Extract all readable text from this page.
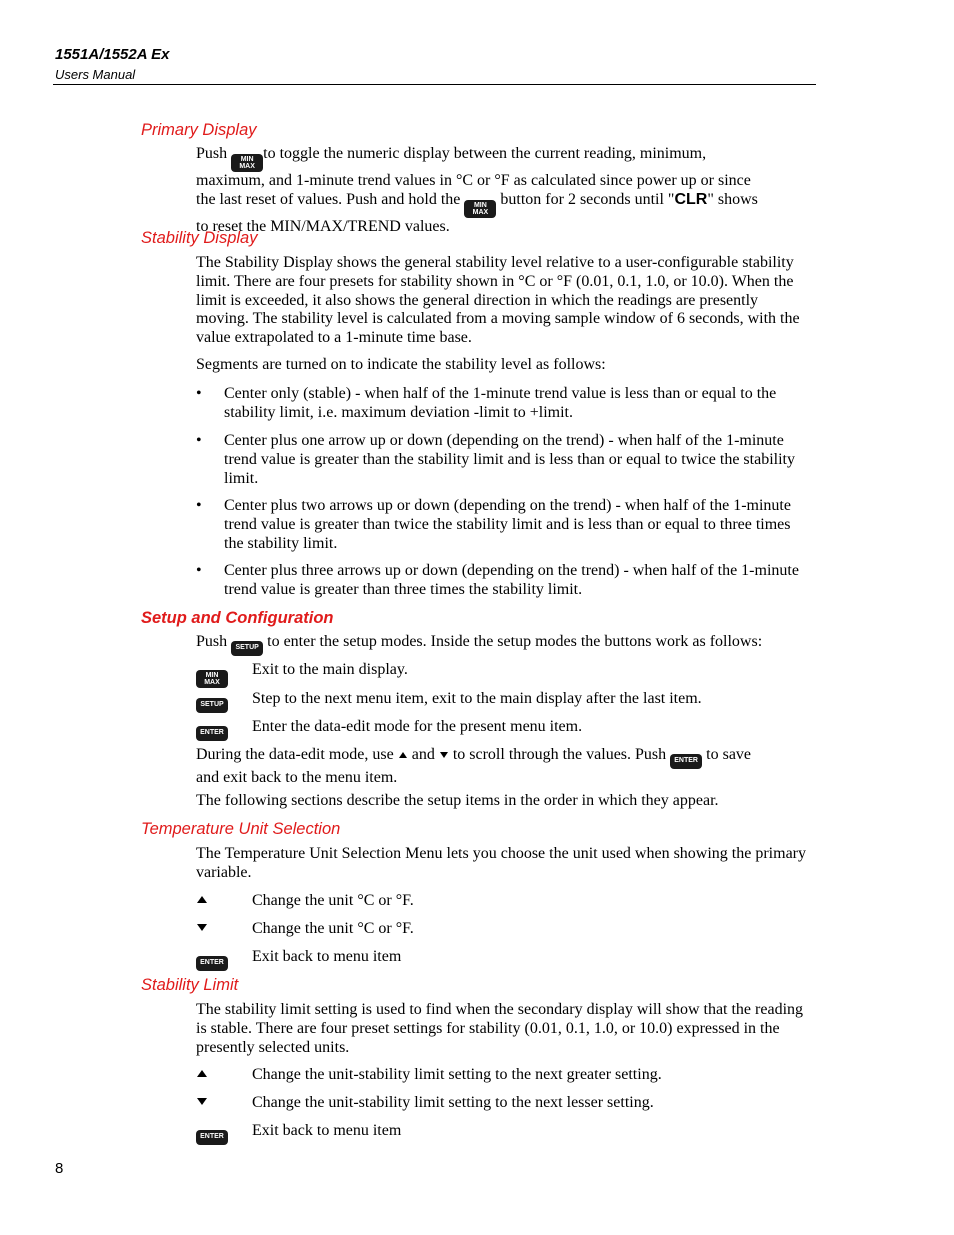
1551A/1552A Ex
Users Manual
Primary Display
Push MIN
MAX
to toggle the numeric display between the current reading, minimum,
maximum, and 1-minute trend values in °C or °F as calculated since power up or since
the last reset of values. Push and hold the MIN
MAX
button for 2 seconds until "CLR" shows
to reset the MIN/MAX/TREND values.
Stability Display
The Stability Display shows the general stability level relative to a user-configurable stability limit. There are four presets for stability shown in °C or °F (0.01, 0.1, 1.0, or 10.0). When the limit is exceeded, it also shows the general direction in which the readings are presently moving. The stability level is calculated from a moving sample window of 6 seconds, with the value extrapolated to a 1-minute time base.
Segments are turned on to indicate the stability level as follows:
• Center only (stable) - when half of the 1-minute trend value is less than or equal to the stability limit, i.e. maximum deviation -limit to +limit.
• Center plus one arrow up or down (depending on the trend) - when half of the 1-minute trend value is greater than the stability limit and is less than or equal to twice the stability limit.
• Center plus two arrows up or down (depending on the trend) - when half of the 1-minute trend value is greater than twice the stability limit and is less than or equal to three times the stability limit.
• Center plus three arrows up or down (depending on the trend) - when half of the 1-minute trend value is greater than three times the stability limit.
Setup and Configuration
Push SETUP to enter the setup modes. Inside the setup modes the buttons work as follows:
MIN
MAX
Exit to the main display.
SETUP Step to the next menu item, exit to the main display after the last item.
ENTER Enter the data-edit mode for the present menu item.
During the data-edit mode, use  and  to scroll through the values. Push ENTER to save
and exit back to the menu item.
The following sections describe the setup items in the order in which they appear.
Temperature Unit Selection
The Temperature Unit Selection Menu lets you choose the unit used when showing the primary variable.
Change the unit °C or °F.
Change the unit °C or °F.
ENTER Exit back to menu item
Stability Limit
The stability limit setting is used to find when the secondary display will show that the reading is stable. There are four preset settings for stability (0.01, 0.1, 1.0, or 10.0) expressed in the presently selected units.
Change the unit-stability limit setting to the next greater setting.
Change the unit-stability limit setting to the next lesser setting.
ENTER Exit back to menu item
8
